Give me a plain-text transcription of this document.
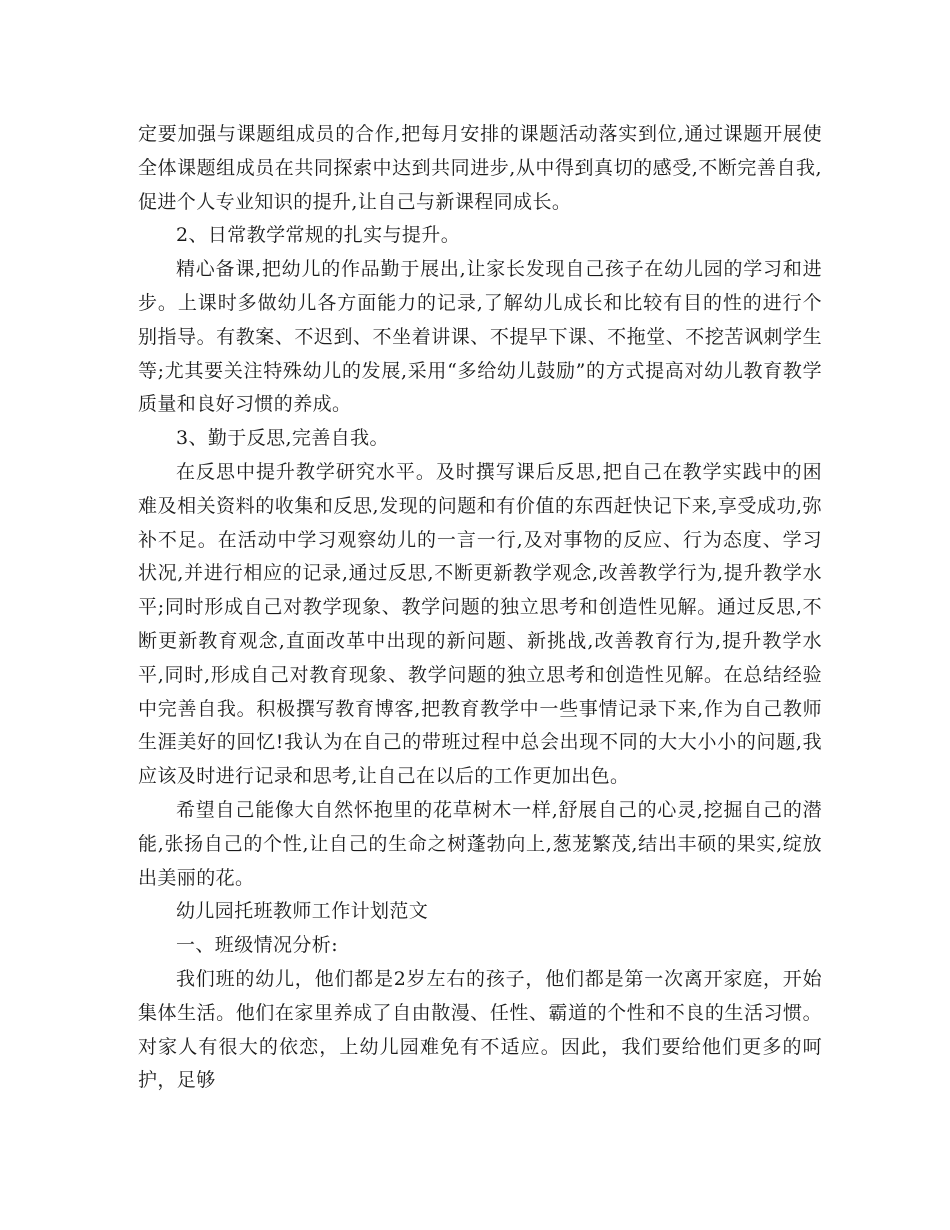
定要加强与课题组成员的合作,把每月安排的课题活动落实到位,通过课题开展使全体课题组成员在共同探索中达到共同进步,从中得到真切的感受,不断完善自我,促进个人专业知识的提升,让自己与新课程同成长。

2、日常教学常规的扎实与提升。

精心备课,把幼儿的作品勤于展出,让家长发现自己孩子在幼儿园的学习和进步。上课时多做幼儿各方面能力的记录,了解幼儿成长和比较有目的性的进行个别指导。有教案、不迟到、不坐着讲课、不提早下课、不拖堂、不挖苦讽刺学生等;尤其要关注特殊幼儿的发展,采用“多给幼儿鼓励”的方式提高对幼儿教育教学质量和良好习惯的养成。

3、勤于反思,完善自我。

在反思中提升教学研究水平。及时撰写课后反思,把自己在教学实践中的困难及相关资料的收集和反思,发现的问题和有价值的东西赶快记下来,享受成功,弥补不足。在活动中学习观察幼儿的一言一行,及对事物的反应、行为态度、学习状况,并进行相应的记录,通过反思,不断更新教学观念,改善教学行为,提升教学水平;同时形成自己对教学现象、教学问题的独立思考和创造性见解。通过反思,不断更新教育观念,直面改革中出现的新问题、新挑战,改善教育行为,提升教学水平,同时,形成自己对教育现象、教学问题的独立思考和创造性见解。在总结经验中完善自我。积极撰写教育博客,把教育教学中一些事情记录下来,作为自己教师生涯美好的回忆!我认为在自己的带班过程中总会出现不同的大大小小的问题,我应该及时进行记录和思考,让自己在以后的工作更加出色。

希望自己能像大自然怀抱里的花草树木一样,舒展自己的心灵,挖掘自己的潜能,张扬自己的个性,让自己的生命之树蓬勃向上,葱茏繁茂,结出丰硕的果实,绽放出美丽的花。

幼儿园托班教师工作计划范文

一、班级情况分析:

我们班的幼儿，他们都是2岁左右的孩子，他们都是第一次离开家庭，开始集体生活。他们在家里养成了自由散漫、任性、霸道的个性和不良的生活习惯。对家人有很大的依恋，上幼儿园难免有不适应。因此，我们要给他们更多的呵护，足够
